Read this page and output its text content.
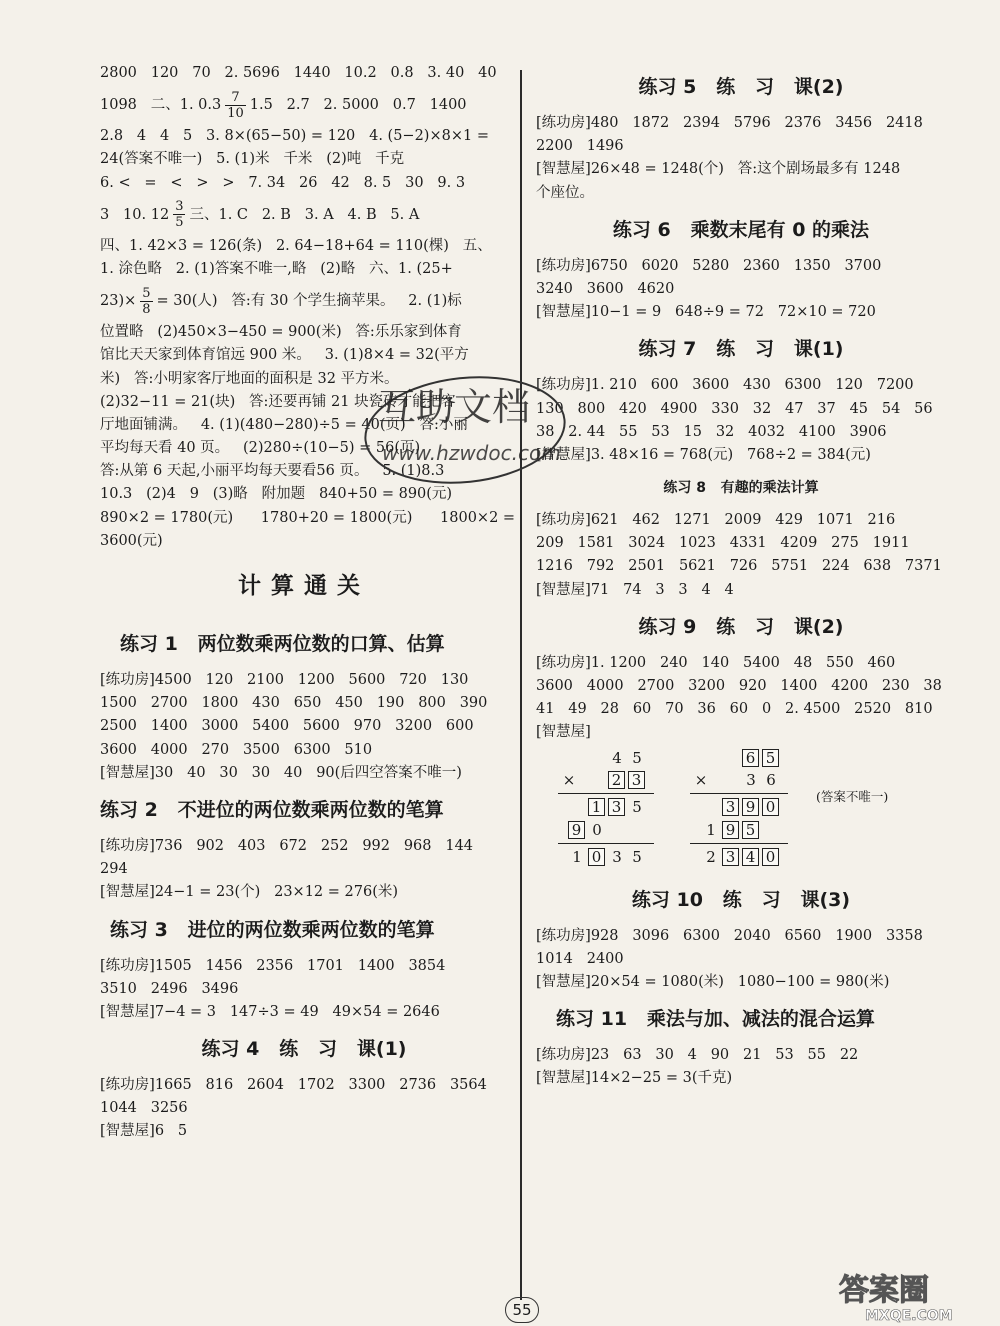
2800   120   70   2. 5696   1440   10.2   0.8   3. 40   40
1098   二、1. $0.3 \frac{7}{10} 1.5$   2.7   2. 5000   0.7   1400
2.8   4   4   5   3. 8×(65−50) = 120   4. (5−2)×8×1 =
24(答案不唯一)   5. (1)米   千米   (2)吨   千克
6. <   =   <   >   >   7. 34   26   42   8. 5   30   9. 3
3   10. $12 \frac{3}{5}$ 三、1. C   2. B   3. A   4. B   5. A
四、1. 42×3 = 126(条)   2. 64−18+64 = 110(棵)   五、
1. 涂色略   2. (1)答案不唯一,略   (2)略   六、1. (25+
$23)\times \frac{5}{8} = 30$(人)   答:有 30 个学生摘苹果。   2. (1)标
位置略   (2)450×3−450 = 900(米)   答:乐乐家到体育
馆比天天家到体育馆远 900 米。   3. (1)8×4 = 32(平方
米)   答:小明家客厅地面的面积是 32 平方米。
(2)32−11 = 21(块)   答:还要再铺 21 块瓷砖才能把客
厅地面铺满。   4. (1)(480−280)÷5 = 40(页)   答:小丽
平均每天看 40 页。   (2)280÷(10−5) = 56(页)
答:从第 6 天起,小丽平均每天要看56 页。   5. (1)8.3
10.3   (2)4   9   (3)略   附加题   840+50 = 890(元)
890×2 = 1780(元)      1780+20 = 1800(元)      1800×2 =
3600(元)
计算通关
练习 1   两位数乘两位数的口算、估算
[练功房]4500   120   2100   1200   5600   720   130
1500   2700   1800   430   650   450   190   800   390
2500   1400   3000   5400   5600   970   3200   600
3600   4000   270   3500   6300   510
[智慧屋]30   40   30   30   40   90(后四空答案不唯一)
练习 2   不进位的两位数乘两位数的笔算
[练功房]736   902   403   672   252   992   968   144
294
[智慧屋]24−1 = 23(个)   23×12 = 276(米)
练习 3   进位的两位数乘两位数的笔算
[练功房]1505   1456   2356   1701   1400   3854
3510   2496   3496
[智慧屋]7−4 = 3   147÷3 = 49   49×54 = 2646
练习 4   练   习   课(1)
[练功房]1665   816   2604   1702   3300   2736   3564
1044   3256
[智慧屋]6   5
练习 5   练   习   课(2)
[练功房]480   1872   2394   5796   2376   3456   2418
2200   1496
[智慧屋]26×48 = 1248(个)   答:这个剧场最多有 1248
个座位。
练习 6   乘数末尾有 0 的乘法
[练功房]6750   6020   5280   2360   1350   3700
3240   3600   4620
[智慧屋]10−1 = 9   648÷9 = 72   72×10 = 720
练习 7   练   习   课(1)
[练功房]1. 210   600   3600   430   6300   120   7200
130   800   420   4900   330   32   47   37   45   54   56
38   2. 44   55   53   15   32   4032   4100   3906
[智慧屋]3. 48×16 = 768(元)   768÷2 = 384(元)
练习 8   有趣的乘法计算
[练功房]621   462   1271   2009   429   1071   216
209   1581   3024   1023   4331   4209   275   1911
1216   792   2501   5621   726   5751   224   638   7371
[智慧屋]71   74   3   3   4   4
练习 9   练   习   课(2)
[练功房]1. 1200   240   140   5400   48   550   460
3600   4000   2700   3200   920   1400   4200   230   38
41   49   28   60   70   36   60   0   2. 4500   2520   810
[智慧屋]
4 5
× 2 3
1 3 5
9 0
1 0 3 5
6 5
×	3 6
3 9 0
1 9 5
2 3 4 0
(答案不唯一)
练习 10   练   习   课(3)
[练功房]928   3096   6300   2040   6560   1900   3358
1014   2400
[智慧屋]20×54 = 1080(米)   1080−100 = 980(米)
练习 11   乘法与加、减法的混合运算
[练功房]23   63   30   4   90   21   53   55   22
[智慧屋]14×2−25 = 3(千克)
互助文档
www.hzwdoc.com
答案圈
MXQE.COM
55
